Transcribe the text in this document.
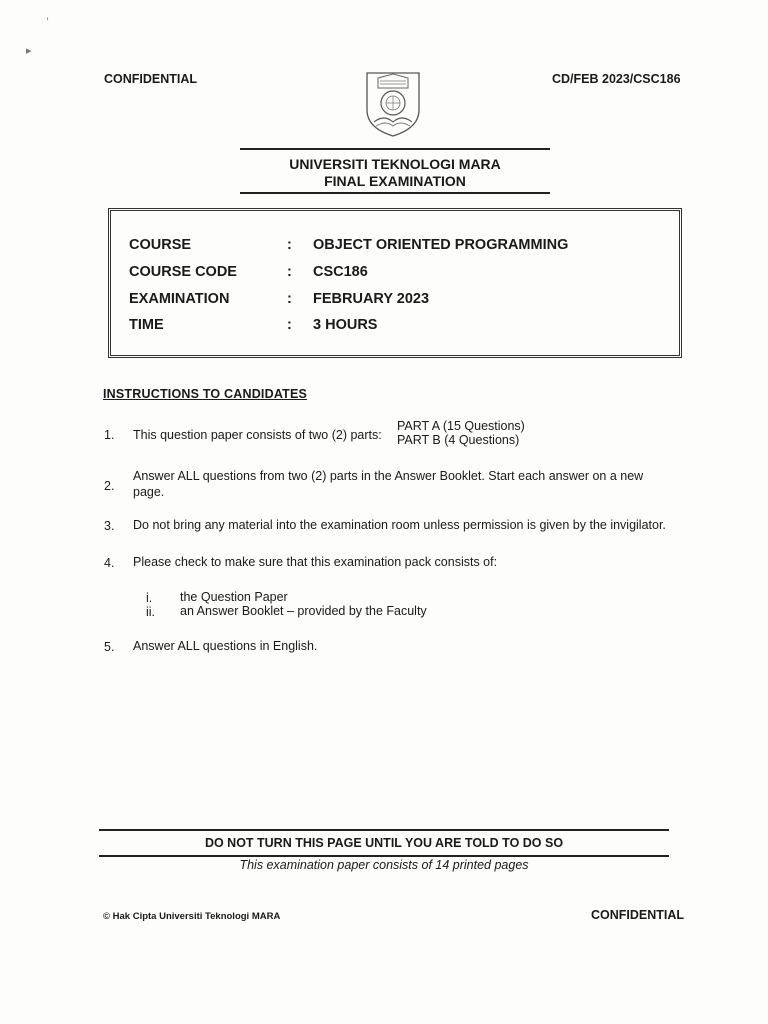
,
▸
CONFIDENTIAL	CD/FEB 2023/CSC186
UNIVERSITI TEKNOLOGI MARA
FINAL EXAMINATION
COURSE	: OBJECT ORIENTED PROGRAMMING
COURSE CODE	: CSC186
EXAMINATION	: FEBRUARY 2023
TIME	: 3 HOURS
INSTRUCTIONS TO CANDIDATES
1. This question paper consists of two (2) parts:
PART A (15 Questions)
PART B (4 Questions)
2.
Answer ALL questions from two (2) parts in the Answer Booklet. Start each answer on a new
page.
3. Do not bring any material into the examination room unless permission is given by the invigilator.
4. Please check to make sure that this examination pack consists of:
i. the Question Paper
ii. an Answer Booklet – provided by the Faculty
5. Answer ALL questions in English.
DO NOT TURN THIS PAGE UNTIL YOU ARE TOLD TO DO SO
This examination paper consists of 14 printed pages
© Hak Cipta Universiti Teknologi MARA	CONFIDENTIAL
